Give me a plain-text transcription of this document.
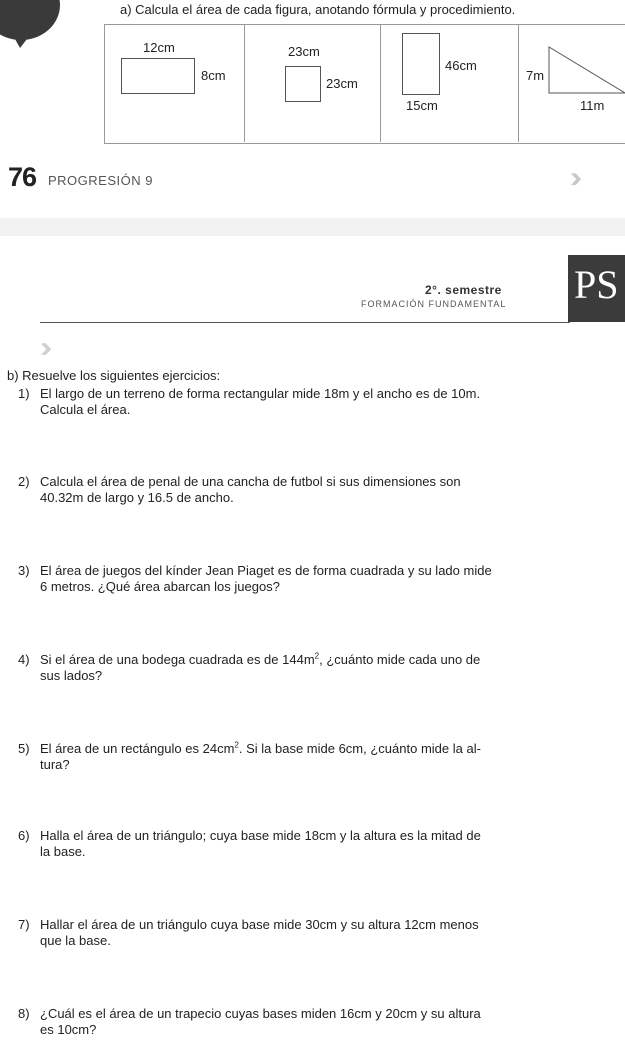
a) Calcula el área de cada figura, anotando fórmula y procedimiento.
12cm
8cm
23cm
23cm
46cm
15cm
7m
11m
76 PROGRESIÓN 9	›››
2°. semestre
FORMACIÓN FUNDAMENTAL PS
›››
b) Resuelve los siguientes ejercicios:
1) El largo de un terreno de forma rectangular mide 18m y el ancho es de 10m.
Calcula el área.
2) Calcula el área de penal de una cancha de futbol si sus dimensiones son
40.32m de largo y 16.5 de ancho.
3) El área de juegos del kínder Jean Piaget es de forma cuadrada y su lado mide
6 metros. ¿Qué área abarcan los juegos?
4) Si el área de una bodega cuadrada es de $144m^2$, ¿cuánto mide cada uno de
sus lados?
5) El área de un rectángulo es $24cm^2$. Si la base mide 6cm, ¿cuánto mide la al-
tura?
6) Halla el área de un triángulo; cuya base mide 18cm y la altura es la mitad de
la base.
7) Hallar el área de un triángulo cuya base mide 30cm y su altura 12cm menos
que la base.
8) ¿Cuál es el área de un trapecio cuyas bases miden 16cm y 20cm y su altura
es 10cm?
